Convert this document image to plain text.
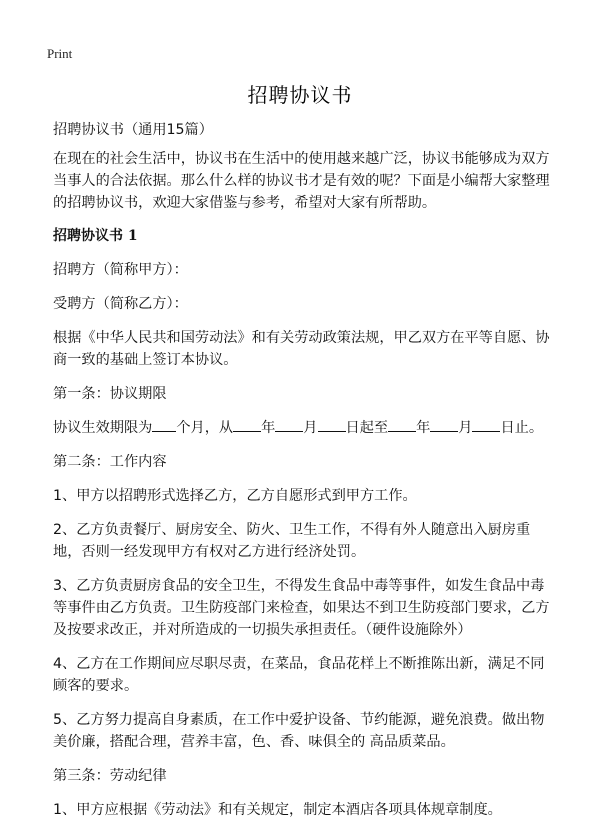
Print
招聘协议书

招聘协议书（通用15篇）

在现在的社会生活中，协议书在生活中的使用越来越广泛，协议书能够成为双方当事人的合法依据。那么什么样的协议书才是有效的呢？下面是小编帮大家整理的招聘协议书，欢迎大家借鉴与参考，希望对大家有所帮助。

招聘协议书 1

招聘方（简称甲方）：

受聘方（简称乙方）：

根据《中华人民共和国劳动法》和有关劳动政策法规，甲乙双方在平等自愿、协商一致的基础上签订本协议。

第一条：协议期限

协议生效期限为 个月，从 年 月 日起至 年 月 日止。

第二条：工作内容

1、甲方以招聘形式选择乙方，乙方自愿形式到甲方工作。

2、乙方负责餐厅、厨房安全、防火、卫生工作，不得有外人随意出入厨房重地，否则一经发现甲方有权对乙方进行经济处罚。

3、乙方负责厨房食品的安全卫生，不得发生食品中毒等事件，如发生食品中毒等事件由乙方负责。卫生防疫部门来检查，如果达不到卫生防疫部门要求，乙方及按要求改正，并对所造成的一切损失承担责任。（硬件设施除外）

4、乙方在工作期间应尽职尽责，在菜品，食品花样上不断推陈出新，满足不同顾客的要求。

5、乙方努力提高自身素质，在工作中爱护设备、节约能源，避免浪费。做出物美价廉，搭配合理，营养丰富，色、香、味俱全的 高品质菜品。

第三条：劳动纪律

1、甲方应根据《劳动法》和有关规定，制定本酒店各项具体规章制度。
